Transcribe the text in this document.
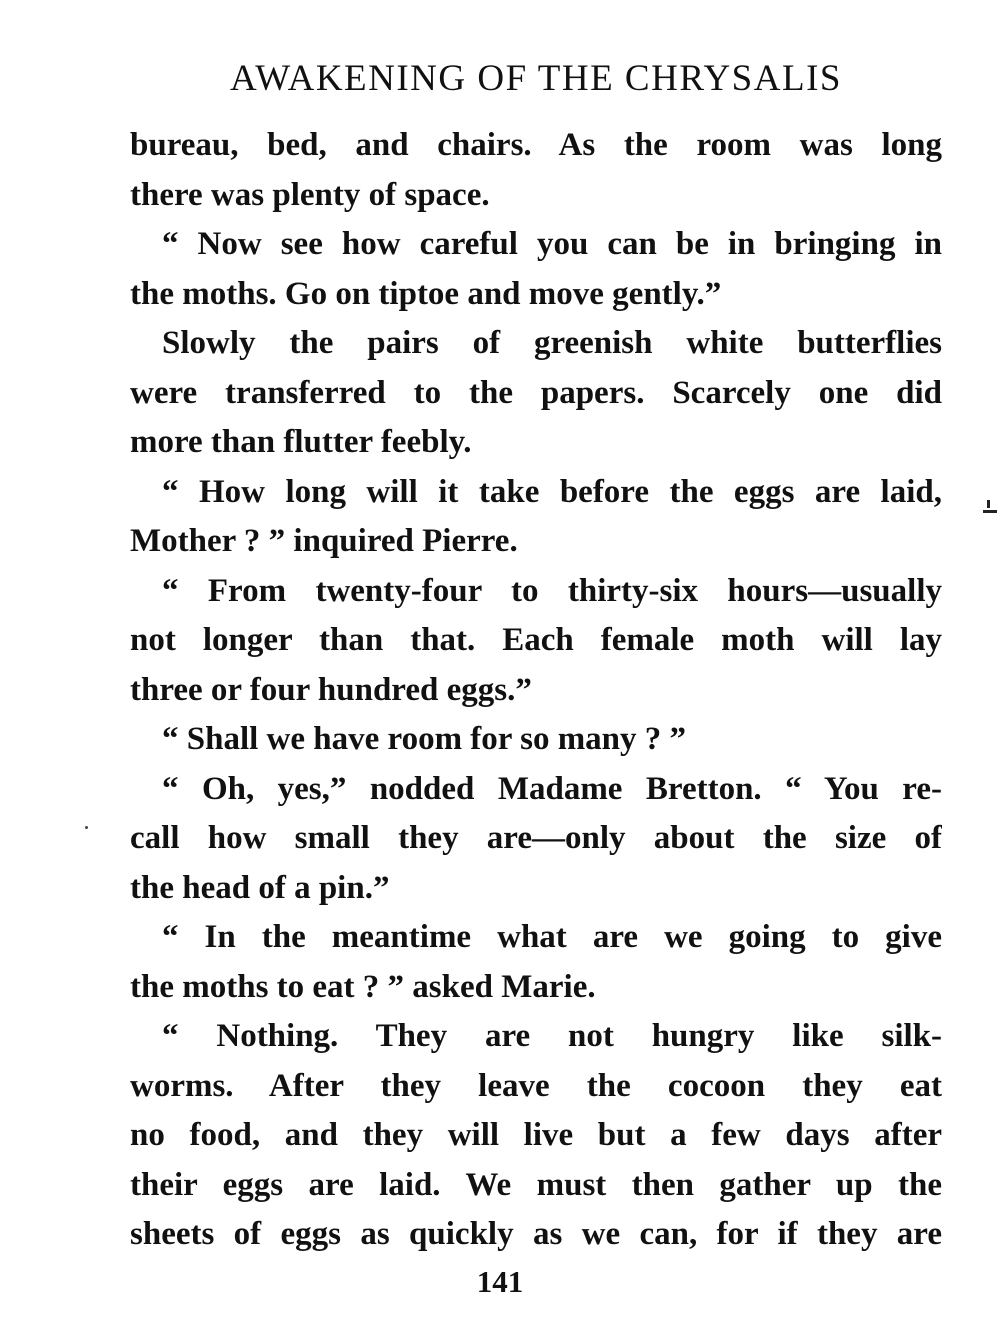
AWAKENING OF THE CHRYSALIS
bureau, bed, and chairs. As the room was long
there was plenty of space.
“ Now see how careful you can be in bringing in
the moths. Go on tiptoe and move gently.”
Slowly the pairs of greenish white butterflies
were transferred to the papers. Scarcely one did
more than flutter feebly.
“ How long will it take before the eggs are laid,
Mother ? ” inquired Pierre.
“ From twenty-four to thirty-six hours—usually
not longer than that. Each female moth will lay
three or four hundred eggs.”
“ Shall we have room for so many ? ”
“ Oh, yes,” nodded Madame Bretton. “ You re-
call how small they are—only about the size of
the head of a pin.”
“ In the meantime what are we going to give
the moths to eat ? ” asked Marie.
“ Nothing. They are not hungry like silk-
worms. After they leave the cocoon they eat
no food, and they will live but a few days after
their eggs are laid. We must then gather up the
sheets of eggs as quickly as we can, for if they are
141
